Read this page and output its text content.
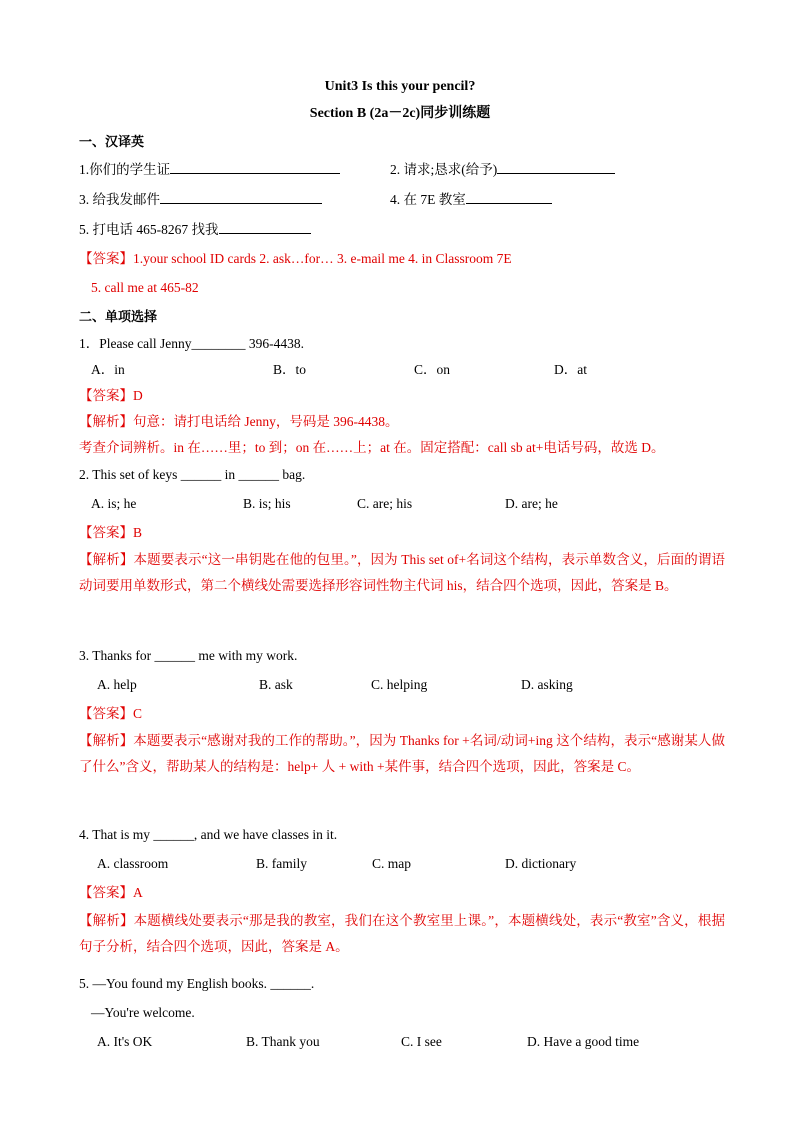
Unit3 Is this your pencil?
Section B (2a－2c)同步训练题
一、汉译英
1.你们的学生证	2. 请求;恳求(给予)
3. 给我发邮件	4. 在 7E 教室
5. 打电话 465-8267 找我
【答案】1.your school ID cards 2. ask…for… 3. e-mail me 4. in Classroom 7E
5. call me at 465-82
二、单项选择
1．Please call Jenny________ 396-4438.
A．in	B．to	C．on	D．at
【答案】D
【解析】句意：请打电话给 Jenny，号码是 396-4438。
考查介词辨析。in 在……里；to 到；on 在……上；at 在。固定搭配：call sb at+电话号码，故选 D。
2. This set of keys ______ in ______ bag.
A. is; he	B. is; his	C. are; his	D. are; he
【答案】B
【解析】本题要表示“这一串钥匙在他的包里。”，因为 This set of+名词这个结构，表示单数含义，后面的谓语动词要用单数形式，第二个横线处需要选择形容词性物主代词 his，结合四个选项，因此，答案是 B。
3. Thanks for ______ me with my work.
A. help	B. ask	C. helping	D. asking
【答案】C
【解析】本题要表示“感谢对我的工作的帮助。”，因为 Thanks for +名词/动词+ing 这个结构，表示“感谢某人做了什么”含义，帮助某人的结构是：help+ 人 + with +某件事，结合四个选项，因此，答案是 C。
4. That is my ______, and we have classes in it.
A. classroom	B. family	C. map	D. dictionary
【答案】A
【解析】本题横线处要表示“那是我的教室，我们在这个教室里上课。”，本题横线处，表示“教室”含义，根据句子分析，结合四个选项，因此，答案是 A。
5. —You found my English books. ______.
—You're welcome.
A. It's OK	B. Thank you	C. I see	D. Have a good time
